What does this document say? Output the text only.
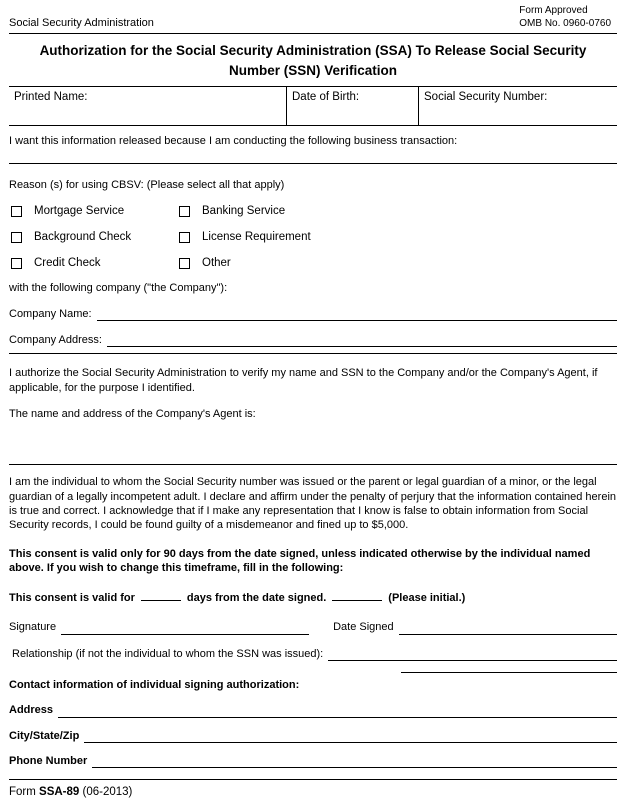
Social Security Administration
Form Approved
OMB No. 0960-0760
Authorization for the Social Security Administration (SSA) To Release Social Security Number (SSN) Verification
Printed Name:	Date of Birth:	Social Security Number:
I want this information released because I am conducting the following business transaction:
Reason (s) for using CBSV: (Please select all that apply)
Mortgage Service	Banking Service
Background Check	License Requirement
Credit Check	Other
with the following company ("the Company"):
Company Name:
Company Address:
I authorize the Social Security Administration to verify my name and SSN to the Company and/or the Company's Agent, if applicable, for the purpose I identified.
The name and address of the Company's Agent is:
I am the individual to whom the Social Security number was issued or the parent or legal guardian of a minor, or the legal guardian of a legally incompetent adult. I declare and affirm under the penalty of perjury that the information contained herein is true and correct. I acknowledge that if I make any representation that I know is false to obtain information from Social Security records, I could be found guilty of a misdemeanor and fined up to $5,000.
This consent is valid only for 90 days from the date signed, unless indicated otherwise by the individual named above. If you wish to change this timeframe, fill in the following:
This consent is valid for	days from the date signed.	(Please initial.)
Signature	Date Signed
Relationship (if not the individual to whom the SSN was issued):
Contact information of individual signing authorization:
Address
City/State/Zip
Phone Number
Form SSA-89 (06-2013)
